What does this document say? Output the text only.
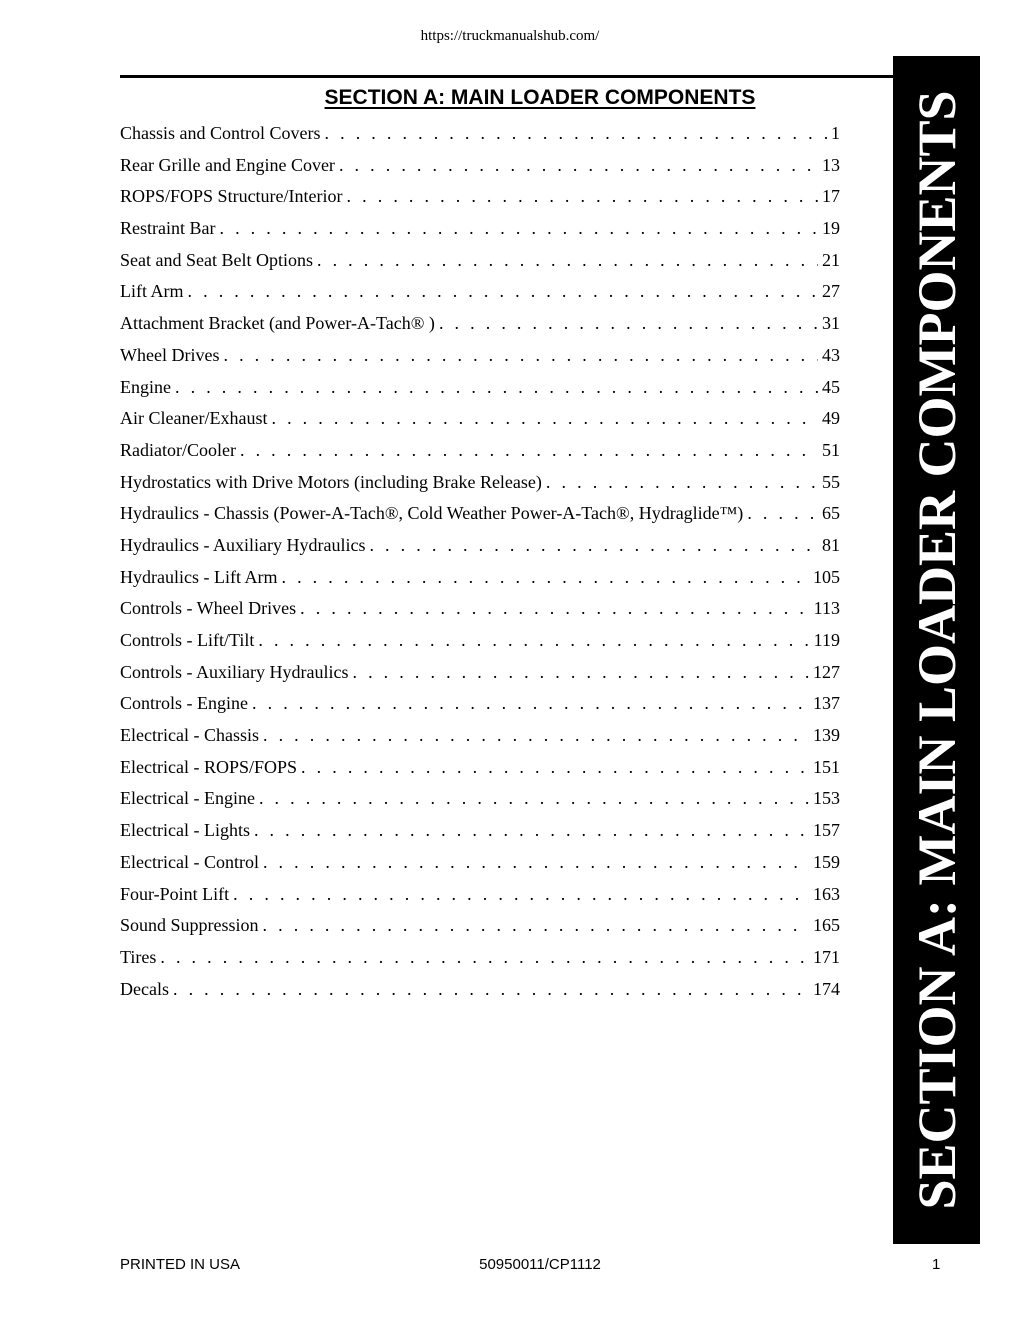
https://truckmanualshub.com/
SECTION A: MAIN LOADER COMPONENTS
Chassis and Control Covers . . .	1
Rear Grille and Engine Cover . . .	13
ROPS/FOPS Structure/Interior . . .	17
Restraint Bar . . .	19
Seat and Seat Belt Options . . .	21
Lift Arm . . .	27
Attachment Bracket (and Power-A-Tach® ) . . .	31
Wheel Drives . . .	43
Engine . . .	45
Air Cleaner/Exhaust . . .	49
Radiator/Cooler . . .	51
Hydrostatics with Drive Motors (including Brake Release) . . .	55
Hydraulics - Chassis (Power-A-Tach®, Cold Weather Power-A-Tach®, Hydraglide™) . . .	65
Hydraulics - Auxiliary Hydraulics . . .	81
Hydraulics - Lift Arm . . .	105
Controls - Wheel Drives . . .	113
Controls - Lift/Tilt . . .	119
Controls - Auxiliary Hydraulics . . .	127
Controls - Engine . . .	137
Electrical - Chassis . . .	139
Electrical - ROPS/FOPS . . .	151
Electrical - Engine . . .	153
Electrical - Lights . . .	157
Electrical - Control . . .	159
Four-Point Lift . . .	163
Sound Suppression . . .	165
Tires . . .	171
Decals . . .	174 SECTION A: MAIN LOADER COMPONENTS
PRINTED IN USA	50950011/CP1112	1
